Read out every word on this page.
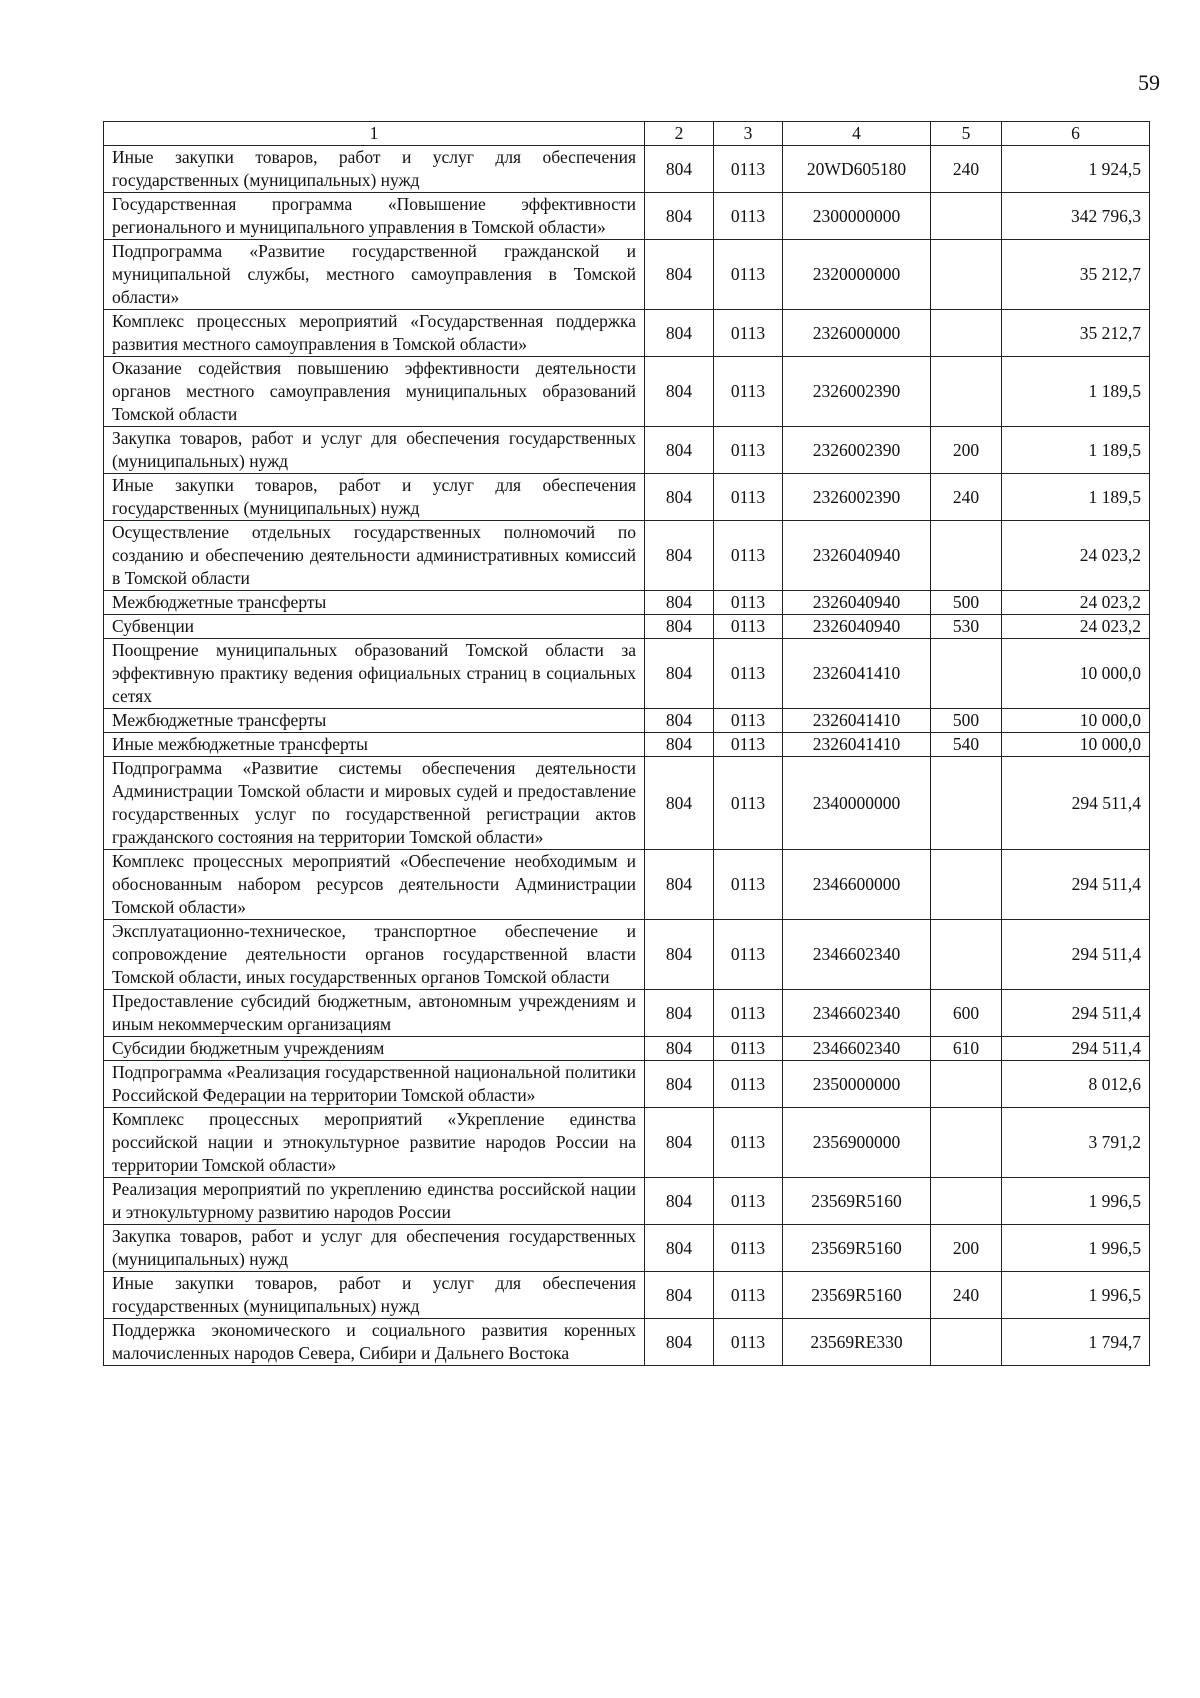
59
1	2	3	4	5	6
Иные закупки товаров, работ и услуг для обеспечения государственных (муниципальных) нужд	804	0113	20WD605180	240	1 924,5
Государственная программа «Повышение эффективности регионального и муниципального управления в Томской области»	804	0113	2300000000		342 796,3
Подпрограмма «Развитие государственной гражданской и муниципальной службы, местного самоуправления в Томской области»	804	0113	2320000000		35 212,7
Комплекс процессных мероприятий «Государственная поддержка развития местного самоуправления в Томской области»	804	0113	2326000000		35 212,7
Оказание содействия повышению эффективности деятельности органов местного самоуправления муниципальных образований Томской области	804	0113	2326002390		1 189,5
Закупка товаров, работ и услуг для обеспечения государственных (муниципальных) нужд	804	0113	2326002390	200	1 189,5
Иные закупки товаров, работ и услуг для обеспечения государственных (муниципальных) нужд	804	0113	2326002390	240	1 189,5
Осуществление отдельных государственных полномочий по созданию и обеспечению деятельности административных комиссий в Томской области	804	0113	2326040940		24 023,2
Межбюджетные трансферты	804	0113	2326040940	500	24 023,2
Субвенции	804	0113	2326040940	530	24 023,2
Поощрение муниципальных образований Томской области за эффективную практику ведения официальных страниц в социальных сетях	804	0113	2326041410		10 000,0
Межбюджетные трансферты	804	0113	2326041410	500	10 000,0
Иные межбюджетные трансферты	804	0113	2326041410	540	10 000,0
Подпрограмма «Развитие системы обеспечения деятельности Администрации Томской области и мировых судей и предоставление государственных услуг по государственной регистрации актов гражданского состояния на территории Томской области»	804	0113	2340000000		294 511,4
Комплекс процессных мероприятий «Обеспечение необходимым и обоснованным набором ресурсов деятельности Администрации Томской области»	804	0113	2346600000		294 511,4
Эксплуатационно-техническое, транспортное обеспечение и сопровождение деятельности органов государственной власти Томской области, иных государственных органов Томской области	804	0113	2346602340		294 511,4
Предоставление субсидий бюджетным, автономным учреждениям и иным некоммерческим организациям	804	0113	2346602340	600	294 511,4
Субсидии бюджетным учреждениям	804	0113	2346602340	610	294 511,4
Подпрограмма «Реализация государственной национальной политики Российской Федерации на территории Томской области»	804	0113	2350000000		8 012,6
Комплекс процессных мероприятий «Укрепление единства российской нации и этнокультурное развитие народов России на территории Томской области»	804	0113	2356900000		3 791,2
Реализация мероприятий по укреплению единства российской нации и этнокультурному развитию народов России	804	0113	23569R5160		1 996,5
Закупка товаров, работ и услуг для обеспечения государственных (муниципальных) нужд	804	0113	23569R5160	200	1 996,5
Иные закупки товаров, работ и услуг для обеспечения государственных (муниципальных) нужд	804	0113	23569R5160	240	1 996,5
Поддержка экономического и социального развития коренных малочисленных народов Севера, Сибири и Дальнего Востока	804	0113	23569RE330		1 794,7
